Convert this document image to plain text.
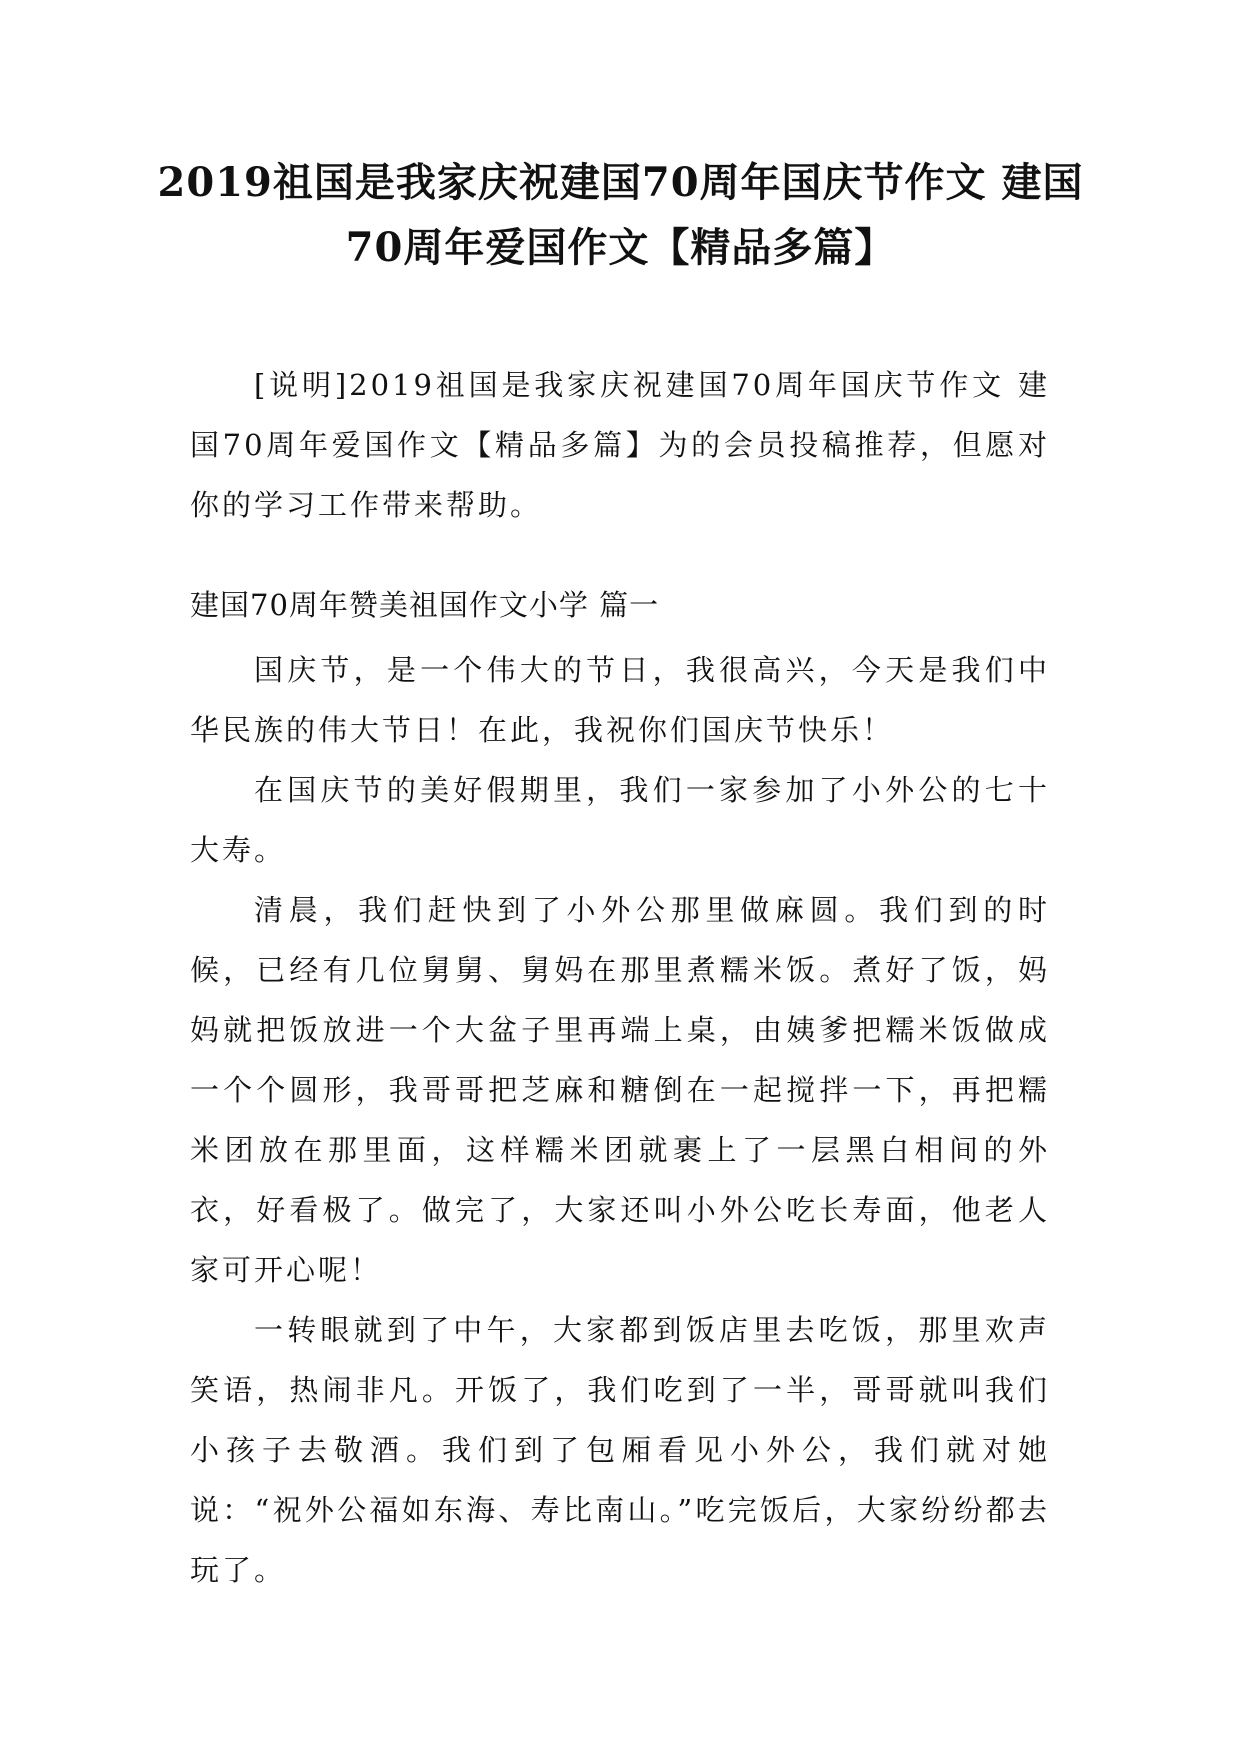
2019祖国是我家庆祝建国70周年国庆节作文 建国70周年爱国作文【精品多篇】
[说明]2019祖国是我家庆祝建国70周年国庆节作文 建国70周年爱国作文【精品多篇】为的会员投稿推荐，但愿对你的学习工作带来帮助。
建国70周年赞美祖国作文小学 篇一

国庆节，是一个伟大的节日，我很高兴，今天是我们中华民族的伟大节日！在此，我祝你们国庆节快乐！

在国庆节的美好假期里，我们一家参加了小外公的七十大寿。

清晨，我们赶快到了小外公那里做麻圆。我们到的时候，已经有几位舅舅、舅妈在那里煮糯米饭。煮好了饭，妈妈就把饭放进一个大盆子里再端上桌，由姨爹把糯米饭做成一个个圆形，我哥哥把芝麻和糖倒在一起搅拌一下，再把糯米团放在那里面，这样糯米团就裹上了一层黑白相间的外衣，好看极了。做完了，大家还叫小外公吃长寿面，他老人家可开心呢！

一转眼就到了中午，大家都到饭店里去吃饭，那里欢声笑语，热闹非凡。开饭了，我们吃到了一半，哥哥就叫我们小孩子去敬酒。我们到了包厢看见小外公，我们就对她说：“祝外公福如东海、寿比南山。”吃完饭后，大家纷纷都去玩了。
